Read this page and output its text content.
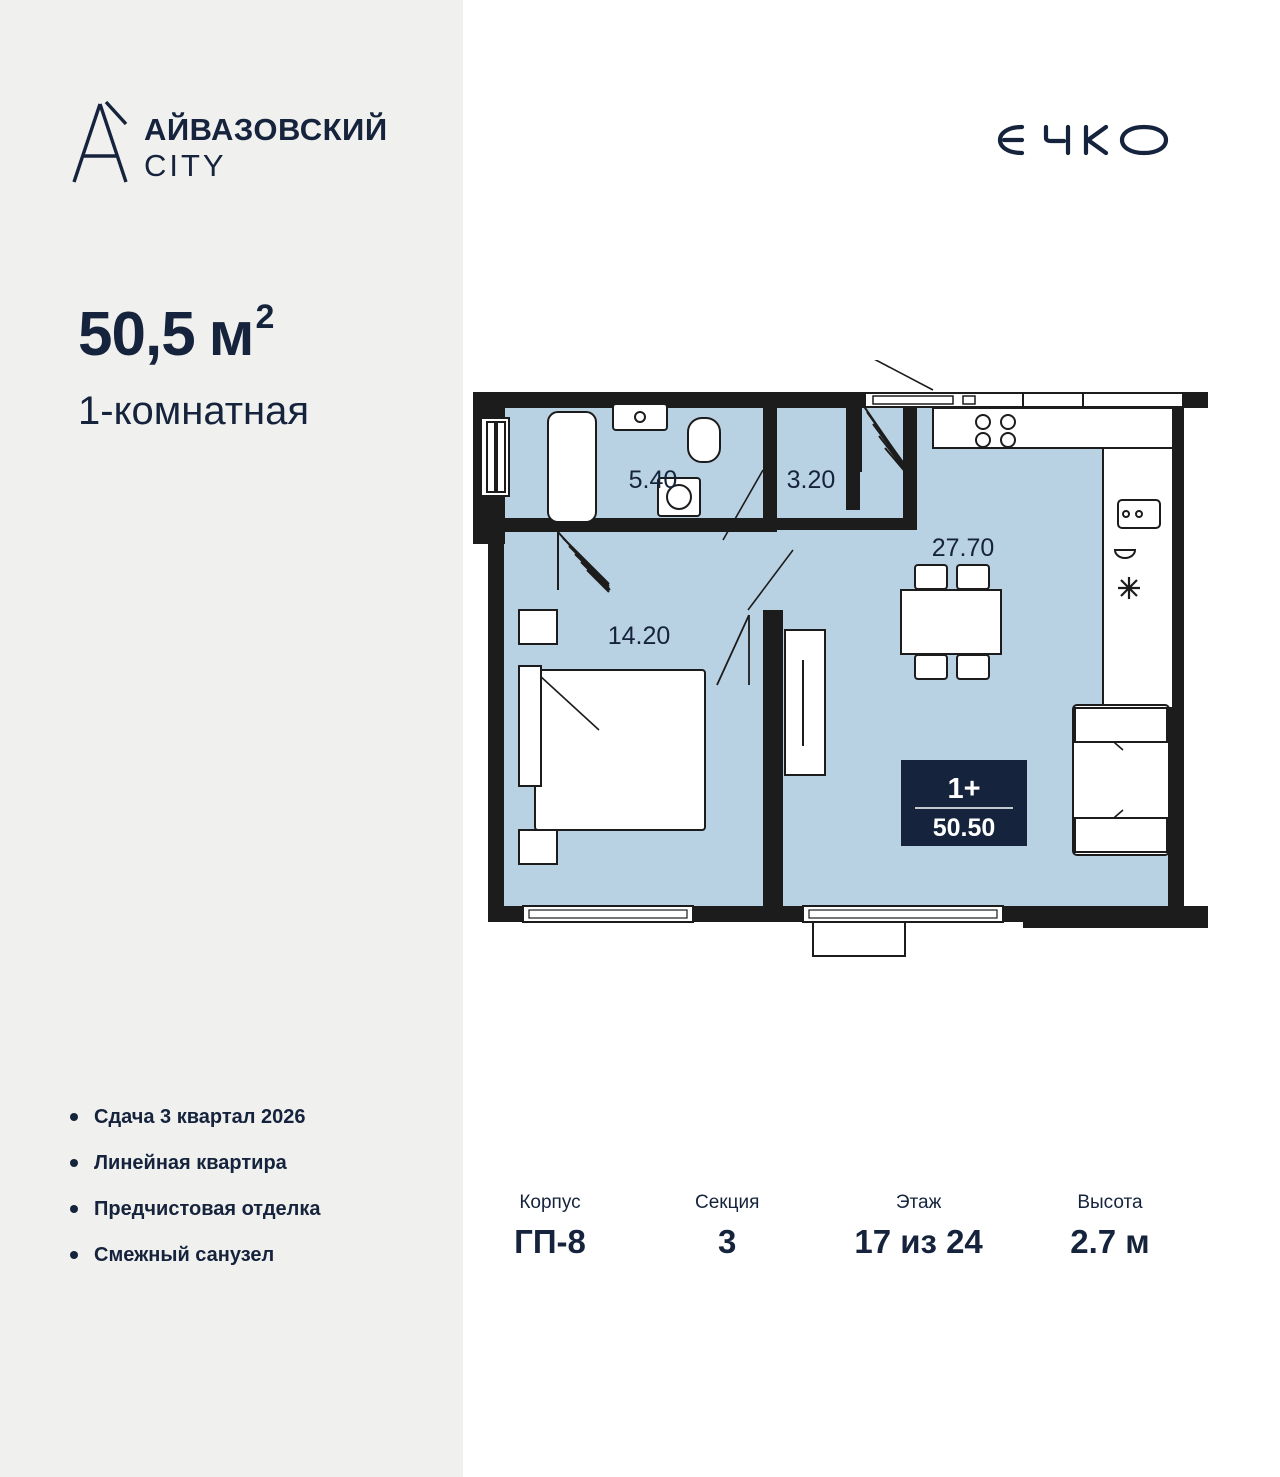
АЙВАЗОВСКИЙ
CITY
50,5 м 2
1-комнатная
Сдача 3 квартал 2026
Линейная квартира
Предчистовая отделка
Смежный санузел
5.40	3.20
14.20
27.70
1+
50.50
Корпус
ГП-8
Секция
3
Этаж
17 из 24
Высота
2.7 м
